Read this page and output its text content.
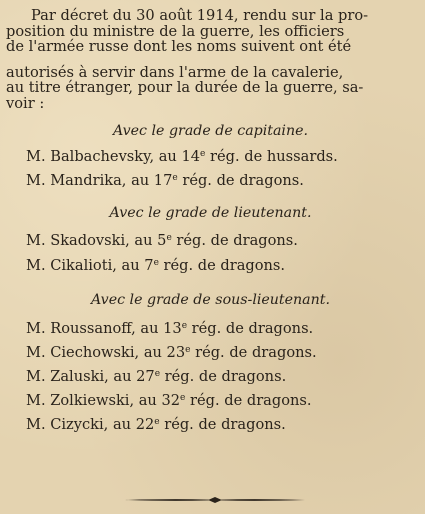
Par décret du 30 août 1914, rendu sur la pro-
position du ministre de la guerre, les officiers
de l'armée russe dont les noms suivent ont été
autorisés à servir dans l'arme de la cavalerie,
au titre étranger, pour la durée de la guerre, sa-
voir :

Avec le grade de capitaine.

M. Balbachevsky, au 14e rég. de hussards.

M. Mandrika, au 17e rég. de dragons.

Avec le grade de lieutenant.

M. Skadovski, au 5e rég. de dragons.

M. Cikalioti, au 7e rég. de dragons.

Avec le grade de sous-lieutenant.

M. Roussanoff, au 13e rég. de dragons.

M. Ciechowski, au 23e rég. de dragons.

M. Zaluski, au 27e rég. de dragons.

M. Zolkiewski, au 32e rég. de dragons.

M. Cizycki, au 22e rég. de dragons.
